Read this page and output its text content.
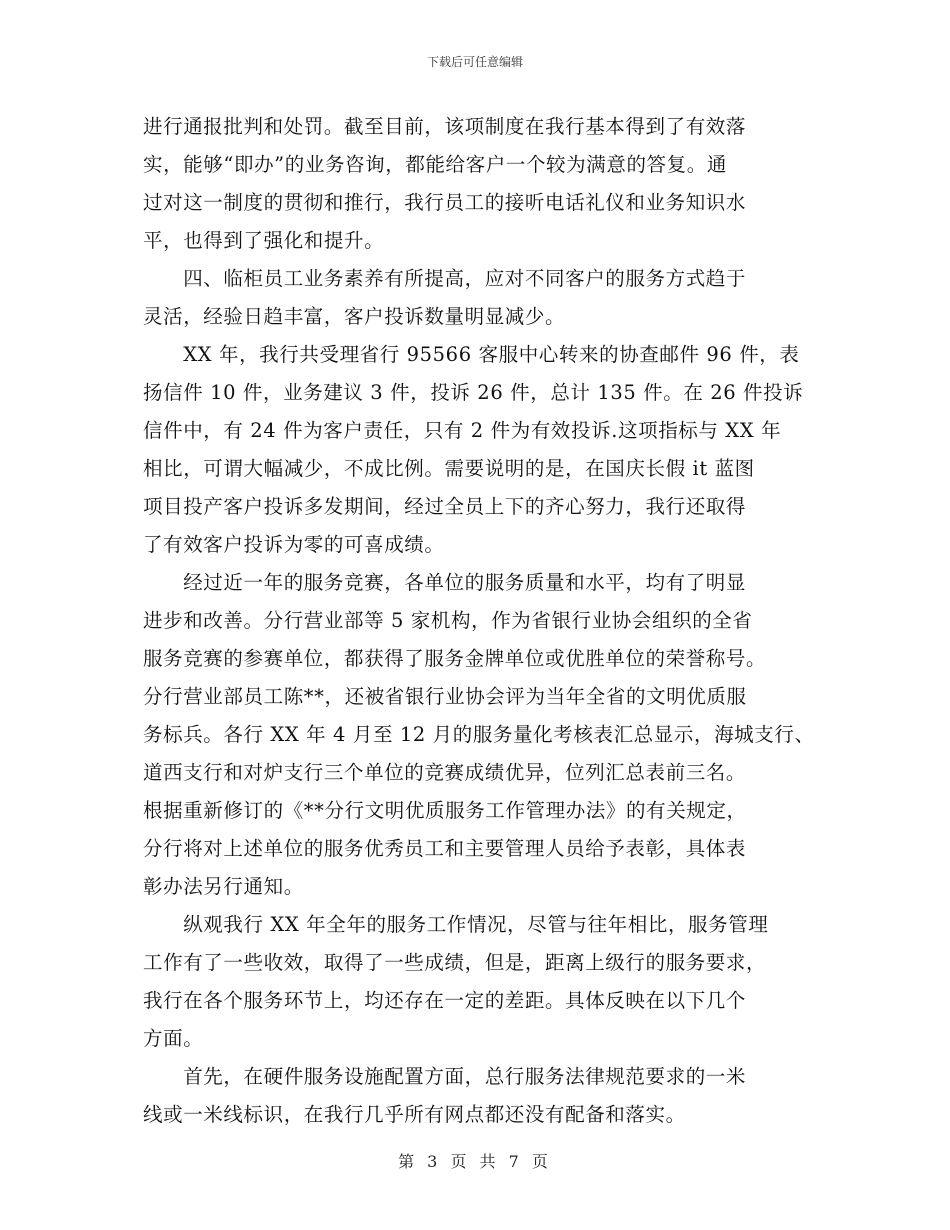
下载后可任意编辑
进行通报批判和处罚。截至目前，该项制度在我行基本得到了有效落
实，能够“即办”的业务咨询，都能给客户一个较为满意的答复。通
过对这一制度的贯彻和推行，我行员工的接听电话礼仪和业务知识水
平，也得到了强化和提升。
　　四、临柜员工业务素养有所提高，应对不同客户的服务方式趋于
灵活，经验日趋丰富，客户投诉数量明显减少。
　　XX 年，我行共受理省行 95566 客服中心转来的协查邮件 96 件，表
扬信件 10 件，业务建议 3 件，投诉 26 件，总计 135 件。在 26 件投诉
信件中，有 24 件为客户责任，只有 2 件为有效投诉.这项指标与 XX 年
相比，可谓大幅减少，不成比例。需要说明的是，在国庆长假 it 蓝图
项目投产客户投诉多发期间，经过全员上下的齐心努力，我行还取得
了有效客户投诉为零的可喜成绩。
　　经过近一年的服务竞赛，各单位的服务质量和水平，均有了明显
进步和改善。分行营业部等 5 家机构，作为省银行业协会组织的全省
服务竞赛的参赛单位，都获得了服务金牌单位或优胜单位的荣誉称号。
分行营业部员工陈**，还被省银行业协会评为当年全省的文明优质服
务标兵。各行 XX 年 4 月至 12 月的服务量化考核表汇总显示，海城支行、
道西支行和对炉支行三个单位的竞赛成绩优异，位列汇总表前三名。
根据重新修订的《**分行文明优质服务工作管理办法》的有关规定，
分行将对上述单位的服务优秀员工和主要管理人员给予表彰，具体表
彰办法另行通知。
　　纵观我行 XX 年全年的服务工作情况，尽管与往年相比，服务管理
工作有了一些收效，取得了一些成绩，但是，距离上级行的服务要求，
我行在各个服务环节上，均还存在一定的差距。具体反映在以下几个
方面。
　　首先，在硬件服务设施配置方面，总行服务法律规范要求的一米
线或一米线标识，在我行几乎所有网点都还没有配备和落实。
第 3 页 共 7 页
